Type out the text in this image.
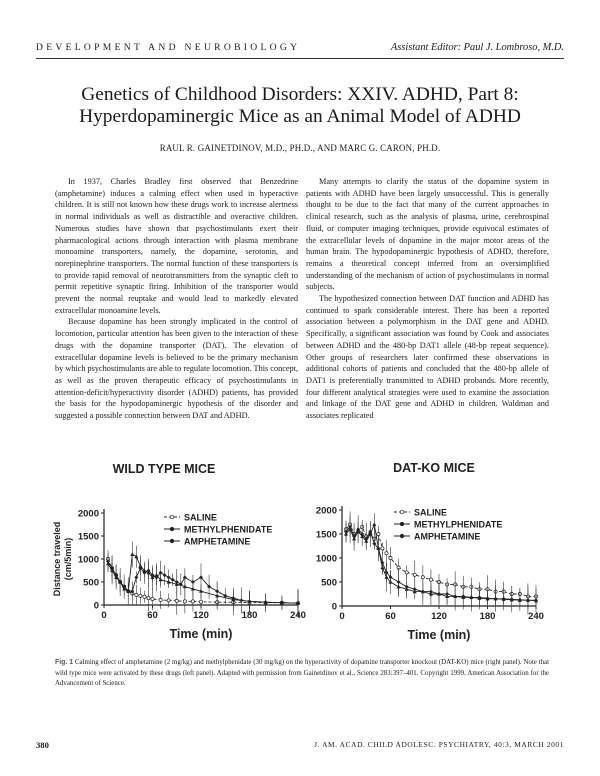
DEVELOPMENT AND NEUROBIOLOGY	Assistant Editor: Paul J. Lombroso, M.D.
Genetics of Childhood Disorders: XXIV. ADHD, Part 8:
Hyperdopaminergic Mice as an Animal Model of ADHD
RAUL R. GAINETDINOV, M.D., PH.D., AND MARC G. CARON, PH.D.

In 1937, Charles Bradley first observed that Benzedrine (amphetamine) induces a calming effect when used in hyperactive children. It is still not known how these drugs work to increase alertness in normal individuals as well as distractible and overactive children. Numerous studies have shown that psychostimulants exert their pharmacological actions through interaction with plasma membrane monoamine transporters, namely, the dopamine, serotonin, and norepinephrine transporters. The normal function of these transporters is to provide rapid removal of neurotransmitters from the synaptic cleft to permit repetitive synaptic firing. Inhibition of the transporter would prevent the normal reuptake and would lead to markedly elevated extracellular monoamine levels.

Because dopamine has been strongly implicated in the control of locomotion, particular attention has been given to the interaction of these drugs with the dopamine transporter (DAT). The elevation of extracellular dopamine levels is believed to be the primary mechanism by which psychostimulants are able to regulate locomotion. This concept, as well as the proven therapeutic efficacy of psychostimulants in attention-deficit/hyperactivity disorder (ADHD) patients, has provided the basis for the hypodopaminergic hypothesis of the disorder and suggested a possible connection between DAT and ADHD.

Many attempts to clarify the status of the dopamine system in patients with ADHD have been largely unsuccessful. This is generally thought to be due to the fact that many of the current approaches in clinical research, such as the analysis of plasma, urine, cerebrospinal fluid, or computer imaging techniques, provide equivocal estimates of the extracellular levels of dopamine in the major motor areas of the human brain. The hypodopaminergic hypothesis of ADHD, therefore, remains a theoretical concept inferred from an oversimplified understanding of the mechanism of action of psychostimulants in normal subjects.

The hypothesized connection between DAT function and ADHD has continued to spark considerable interest. There has been a reported association between a polymorphism in the DAT gene and ADHD. Specifically, a significant association was found by Cook and associates between ADHD and the 480-bp DAT1 allele (48-bp repeat sequence). Other groups of researchers later confirmed these observations in additional cohorts of patients and concluded that the 480-bp allele of DAT1 is preferentially transmitted to ADHD probands. More recently, four different analytical strategies were used to examine the association and linkage of the DAT gene and ADHD in children. Waldman and associates replicated

WILD TYPE MICE
0
500
1000
1500
2000
0	60	120	180	240
Time (min)
Distance traveled (cm/5min)
SALINE
METHYLPHENIDATE
AMPHETAMINE
DAT-KO MICE
0
500
1000
1500
2000
0	60	120	180	240
Time (min)
SALINE
METHYLPHENIDATE
AMPHETAMINE
Fig. 1 Calming effect of amphetamine (2 mg/kg) and methylphenidate (30 mg/kg) on the hyperactivity of dopamine transporter knockout (DAT-KO) mice (right panel). Note that wild type mice were activated by these drugs (left panel). Adapted with permission from Gainetdinov et al., Science 283:397–401. Copyright 1999, American Association for the Advancement of Science.
380	J. AM. ACAD. CHILD ADOLESC. PSYCHIATRY, 40:3, MARCH 2001
